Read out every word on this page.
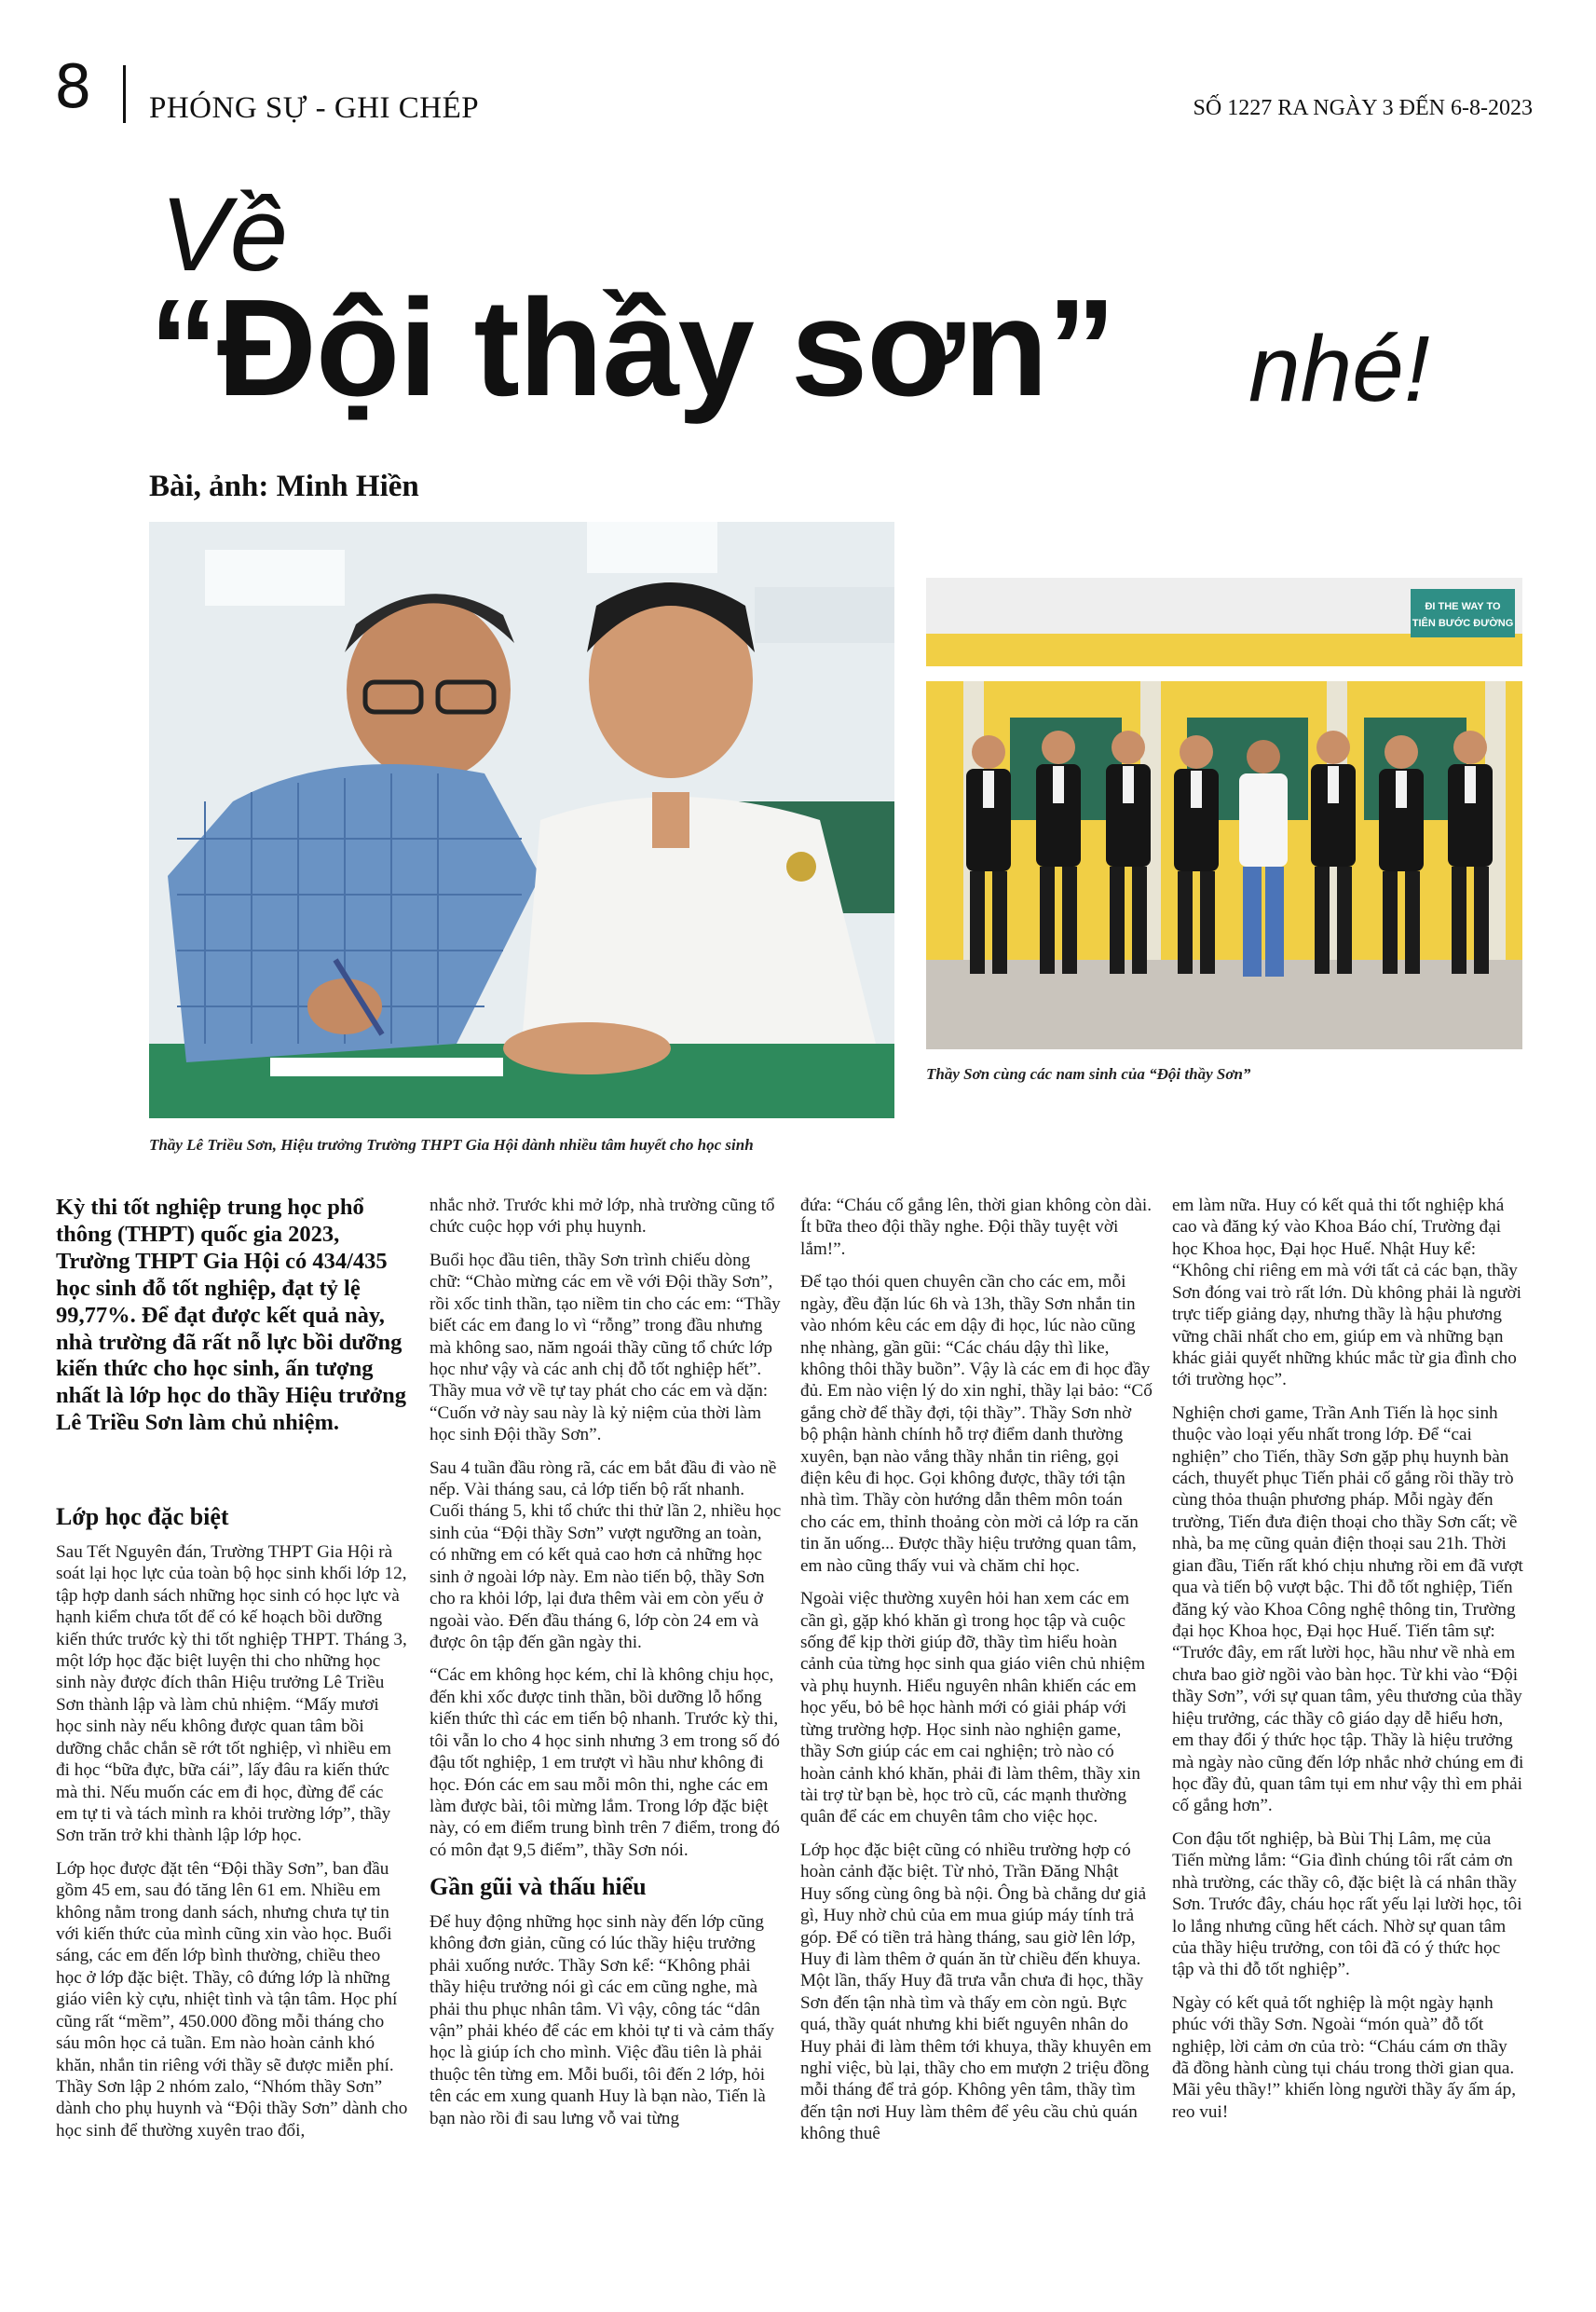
8 PHÓNG SỰ - GHI CHÉP	SỐ 1227 RA NGÀY 3 ĐẾN 6-8-2023
Về
“Đội thầy sơn” nhé!
Bài, ảnh: Minh Hiền
ĐI THE WAY TO
TIÊN BƯỚC ĐƯỜNG
Thầy Sơn cùng các nam sinh của “Đội thầy Sơn”
Thầy Lê Triều Sơn, Hiệu trưởng Trường THPT Gia Hội dành nhiều tâm huyết cho học sinh

Kỳ thi tốt nghiệp trung học phổ thông (THPT) quốc gia 2023, Trường THPT Gia Hội có 434/435 học sinh đỗ tốt nghiệp, đạt tỷ lệ 99,77%. Để đạt được kết quả này, nhà trường đã rất nỗ lực bồi dưỡng kiến thức cho học sinh, ấn tượng nhất là lớp học do thầy Hiệu trưởng Lê Triều Sơn làm chủ nhiệm.

Lớp học đặc biệt

Sau Tết Nguyên đán, Trường THPT Gia Hội rà soát lại học lực của toàn bộ học sinh khối lớp 12, tập hợp danh sách những học sinh có học lực và hạnh kiểm chưa tốt để có kế hoạch bồi dưỡng kiến thức trước kỳ thi tốt nghiệp THPT. Tháng 3, một lớp học đặc biệt luyện thi cho những học sinh này được đích thân Hiệu trưởng Lê Triều Sơn thành lập và làm chủ nhiệm. “Mấy mươi học sinh này nếu không được quan tâm bồi dưỡng chắc chắn sẽ rớt tốt nghiệp, vì nhiều em đi học “bữa đực, bữa cái”, lấy đâu ra kiến thức mà thi. Nếu muốn các em đi học, đừng để các em tự ti và tách mình ra khỏi trường lớp”, thầy Sơn trăn trở khi thành lập lớp học.

Lớp học được đặt tên “Đội thầy Sơn”, ban đầu gồm 45 em, sau đó tăng lên 61 em. Nhiều em không nằm trong danh sách, nhưng chưa tự tin với kiến thức của mình cũng xin vào học. Buổi sáng, các em đến lớp bình thường, chiều theo học ở lớp đặc biệt. Thầy, cô đứng lớp là những giáo viên kỳ cựu, nhiệt tình và tận tâm. Học phí cũng rất “mềm”, 450.000 đồng mỗi tháng cho sáu môn học cả tuần. Em nào hoàn cảnh khó khăn, nhắn tin riêng với thầy sẽ được miễn phí. Thầy Sơn lập 2 nhóm zalo, “Nhóm thầy Sơn” dành cho phụ huynh và “Đội thầy Sơn” dành cho học sinh để thường xuyên trao đổi,

nhắc nhở. Trước khi mở lớp, nhà trường cũng tổ chức cuộc họp với phụ huynh.

Buổi học đầu tiên, thầy Sơn trình chiếu dòng chữ: “Chào mừng các em về với Đội thầy Sơn”, rồi xốc tinh thần, tạo niềm tin cho các em: “Thầy biết các em đang lo vì “rỗng” trong đầu nhưng mà không sao, năm ngoái thầy cũng tổ chức lớp học như vậy và các anh chị đỗ tốt nghiệp hết”. Thầy mua vở về tự tay phát cho các em và dặn: “Cuốn vở này sau này là kỷ niệm của thời làm học sinh Đội thầy Sơn”.

Sau 4 tuần đầu ròng rã, các em bắt đầu đi vào nề nếp. Vài tháng sau, cả lớp tiến bộ rất nhanh. Cuối tháng 5, khi tổ chức thi thử lần 2, nhiều học sinh của “Đội thầy Sơn” vượt ngưỡng an toàn, có những em có kết quả cao hơn cả những học sinh ở ngoài lớp này. Em nào tiến bộ, thầy Sơn cho ra khỏi lớp, lại đưa thêm vài em còn yếu ở ngoài vào. Đến đầu tháng 6, lớp còn 24 em và được ôn tập đến gần ngày thi.

“Các em không học kém, chỉ là không chịu học, đến khi xốc được tinh thần, bồi dưỡng lỗ hổng kiến thức thì các em tiến bộ nhanh. Trước kỳ thi, tôi vẫn lo cho 4 học sinh nhưng 3 em trong số đó đậu tốt nghiệp, 1 em trượt vì hầu như không đi học. Đón các em sau mỗi môn thi, nghe các em làm được bài, tôi mừng lắm. Trong lớp đặc biệt này, có em điểm trung bình trên 7 điểm, trong đó có môn đạt 9,5 điểm”, thầy Sơn nói.

Gần gũi và thấu hiểu

Để huy động những học sinh này đến lớp cũng không đơn giản, cũng có lúc thầy hiệu trưởng phải xuống nước. Thầy Sơn kể: “Không phải thầy hiệu trưởng nói gì các em cũng nghe, mà phải thu phục nhân tâm. Vì vậy, công tác “dân vận” phải khéo để các em khỏi tự ti và cảm thấy học là giúp ích cho mình. Việc đầu tiên là phải thuộc tên từng em. Mỗi buổi, tôi đến 2 lớp, hỏi tên các em xung quanh Huy là bạn nào, Tiến là bạn nào rồi đi sau lưng vỗ vai từng

đứa: “Cháu cố gắng lên, thời gian không còn dài. Ít bữa theo đội thầy nghe. Đội thầy tuyệt vời lắm!”.

Để tạo thói quen chuyên cần cho các em, mỗi ngày, đều đặn lúc 6h và 13h, thầy Sơn nhắn tin vào nhóm kêu các em dậy đi học, lúc nào cũng nhẹ nhàng, gần gũi: “Các cháu dậy thì like, không thôi thầy buồn”. Vậy là các em đi học đầy đủ. Em nào viện lý do xin nghỉ, thầy lại bảo: “Cố gắng chờ để thầy đợi, tội thầy”. Thầy Sơn nhờ bộ phận hành chính hỗ trợ điểm danh thường xuyên, bạn nào vắng thầy nhắn tin riêng, gọi điện kêu đi học. Gọi không được, thầy tới tận nhà tìm. Thầy còn hướng dẫn thêm môn toán cho các em, thỉnh thoảng còn mời cả lớp ra căn tin ăn uống... Được thầy hiệu trưởng quan tâm, em nào cũng thấy vui và chăm chỉ học.

Ngoài việc thường xuyên hỏi han xem các em cần gì, gặp khó khăn gì trong học tập và cuộc sống để kịp thời giúp đỡ, thầy tìm hiểu hoàn cảnh của từng học sinh qua giáo viên chủ nhiệm và phụ huynh. Hiểu nguyên nhân khiến các em học yếu, bỏ bê học hành mới có giải pháp với từng trường hợp. Học sinh nào nghiện game, thầy Sơn giúp các em cai nghiện; trò nào có hoàn cảnh khó khăn, phải đi làm thêm, thầy xin tài trợ từ bạn bè, học trò cũ, các mạnh thường quân để các em chuyên tâm cho việc học.

Lớp học đặc biệt cũng có nhiều trường hợp có hoàn cảnh đặc biệt. Từ nhỏ, Trần Đăng Nhật Huy sống cùng ông bà nội. Ông bà chẳng dư giả gì, Huy nhờ chủ của em mua giúp máy tính trả góp. Để có tiền trả hàng tháng, sau giờ lên lớp, Huy đi làm thêm ở quán ăn từ chiều đến khuya. Một lần, thấy Huy đã trưa vẫn chưa đi học, thầy Sơn đến tận nhà tìm và thấy em còn ngủ. Bực quá, thầy quát nhưng khi biết nguyên nhân do Huy phải đi làm thêm tới khuya, thầy khuyên em nghỉ việc, bù lại, thầy cho em mượn 2 triệu đồng mỗi tháng để trả góp. Không yên tâm, thầy tìm đến tận nơi Huy làm thêm để yêu cầu chủ quán không thuê

em làm nữa. Huy có kết quả thi tốt nghiệp khá cao và đăng ký vào Khoa Báo chí, Trường đại học Khoa học, Đại học Huế. Nhật Huy kể: “Không chỉ riêng em mà với tất cả các bạn, thầy Sơn đóng vai trò rất lớn. Dù không phải là người trực tiếp giảng dạy, nhưng thầy là hậu phương vững chãi nhất cho em, giúp em và những bạn khác giải quyết những khúc mắc từ gia đình cho tới trường học”.

Nghiện chơi game, Trần Anh Tiến là học sinh thuộc vào loại yếu nhất trong lớp. Để “cai nghiện” cho Tiến, thầy Sơn gặp phụ huynh bàn cách, thuyết phục Tiến phải cố gắng rồi thầy trò cùng thỏa thuận phương pháp. Mỗi ngày đến trường, Tiến đưa điện thoại cho thầy Sơn cất; về nhà, ba mẹ cũng quản điện thoại sau 21h. Thời gian đầu, Tiến rất khó chịu nhưng rồi em đã vượt qua và tiến bộ vượt bậc. Thi đỗ tốt nghiệp, Tiến đăng ký vào Khoa Công nghệ thông tin, Trường đại học Khoa học, Đại học Huế. Tiến tâm sự: “Trước đây, em rất lười học, hầu như về nhà em chưa bao giờ ngồi vào bàn học. Từ khi vào “Đội thầy Sơn”, với sự quan tâm, yêu thương của thầy hiệu trưởng, các thầy cô giáo dạy dễ hiểu hơn, em thay đổi ý thức học tập. Thầy là hiệu trưởng mà ngày nào cũng đến lớp nhắc nhở chúng em đi học đầy đủ, quan tâm tụi em như vậy thì em phải cố gắng hơn”.

Con đậu tốt nghiệp, bà Bùi Thị Lâm, mẹ của Tiến mừng lắm: “Gia đình chúng tôi rất cảm ơn nhà trường, các thầy cô, đặc biệt là cá nhân thầy Sơn. Trước đây, cháu học rất yếu lại lười học, tôi lo lắng nhưng cũng hết cách. Nhờ sự quan tâm của thầy hiệu trưởng, con tôi đã có ý thức học tập và thi đỗ tốt nghiệp”.

Ngày có kết quả tốt nghiệp là một ngày hạnh phúc với thầy Sơn. Ngoài “món quà” đỗ tốt nghiệp, lời cảm ơn của trò: “Cháu cám ơn thầy đã đồng hành cùng tụi cháu trong thời gian qua. Mãi yêu thầy!” khiến lòng người thầy ấy ấm áp, reo vui!
